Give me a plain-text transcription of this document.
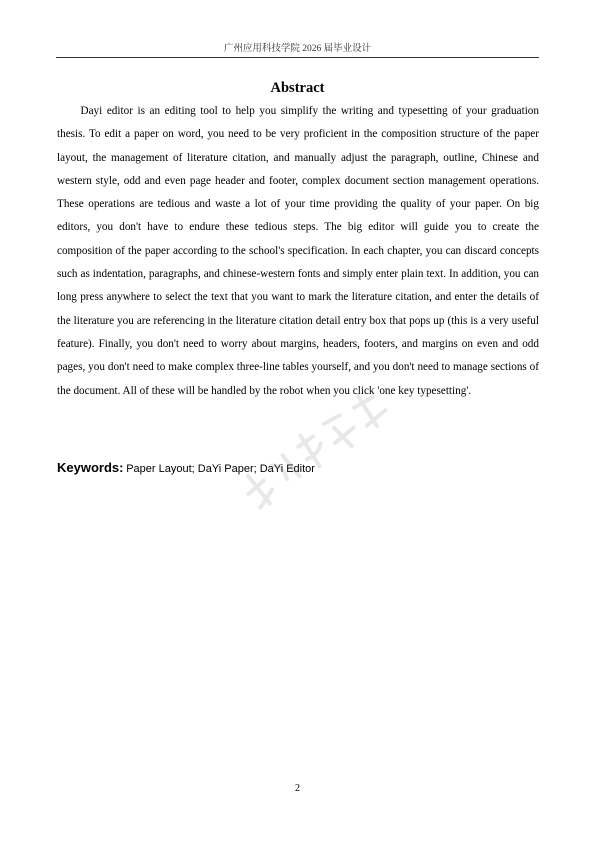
广州应用科技学院 2026 届毕业设计
Abstract

Dayi editor is an editing tool to help you simplify the writing and typesetting of your graduation thesis. To edit a paper on word, you need to be very proficient in the composition structure of the paper layout, the management of literature citation, and manually adjust the paragraph, outline, Chinese and western style, odd and even page header and footer, complex document section management operations. These operations are tedious and waste a lot of your time providing the quality of your paper. On big editors, you don't have to endure these tedious steps. The big editor will guide you to create the composition of the paper according to the school's specification. In each chapter, you can discard concepts such as indentation, paragraphs, and chinese-western fonts and simply enter plain text. In addition, you can long press anywhere to select the text that you want to mark the literature citation, and enter the details of the literature you are referencing in the literature citation detail entry box that pops up (this is a very useful feature). Finally, you don't need to worry about margins, headers, footers, and margins on even and odd pages, you don't need to make complex three-line tables yourself, and you don't need to manage sections of the document. All of these will be handled by the robot when you click 'one key typesetting'.

Keywords: Paper Layout; DaYi Paper; DaYi Editor
2
